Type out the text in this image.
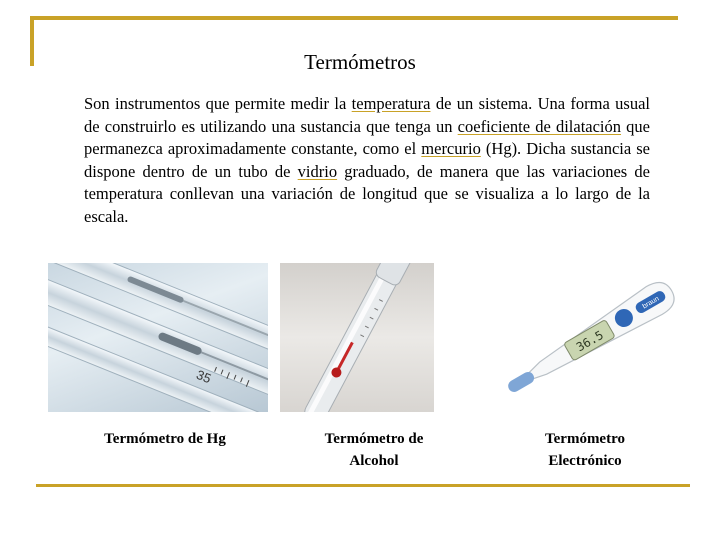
Termómetros
Son instrumentos que permite medir la temperatura de un sistema. Una forma usual de construirlo es utilizando una sustancia que tenga un coeficiente de dilatación que permanezca aproximadamente constante, como el mercurio (Hg). Dicha sustancia se dispone dentro de un tubo de vidrio graduado, de manera que las variaciones de temperatura conllevan una variación de longitud que se visualiza a lo largo de la escala.
35
36.5
braun
Termómetro de Hg	Termómetro de
Alcohol
Termómetro
Electrónico
